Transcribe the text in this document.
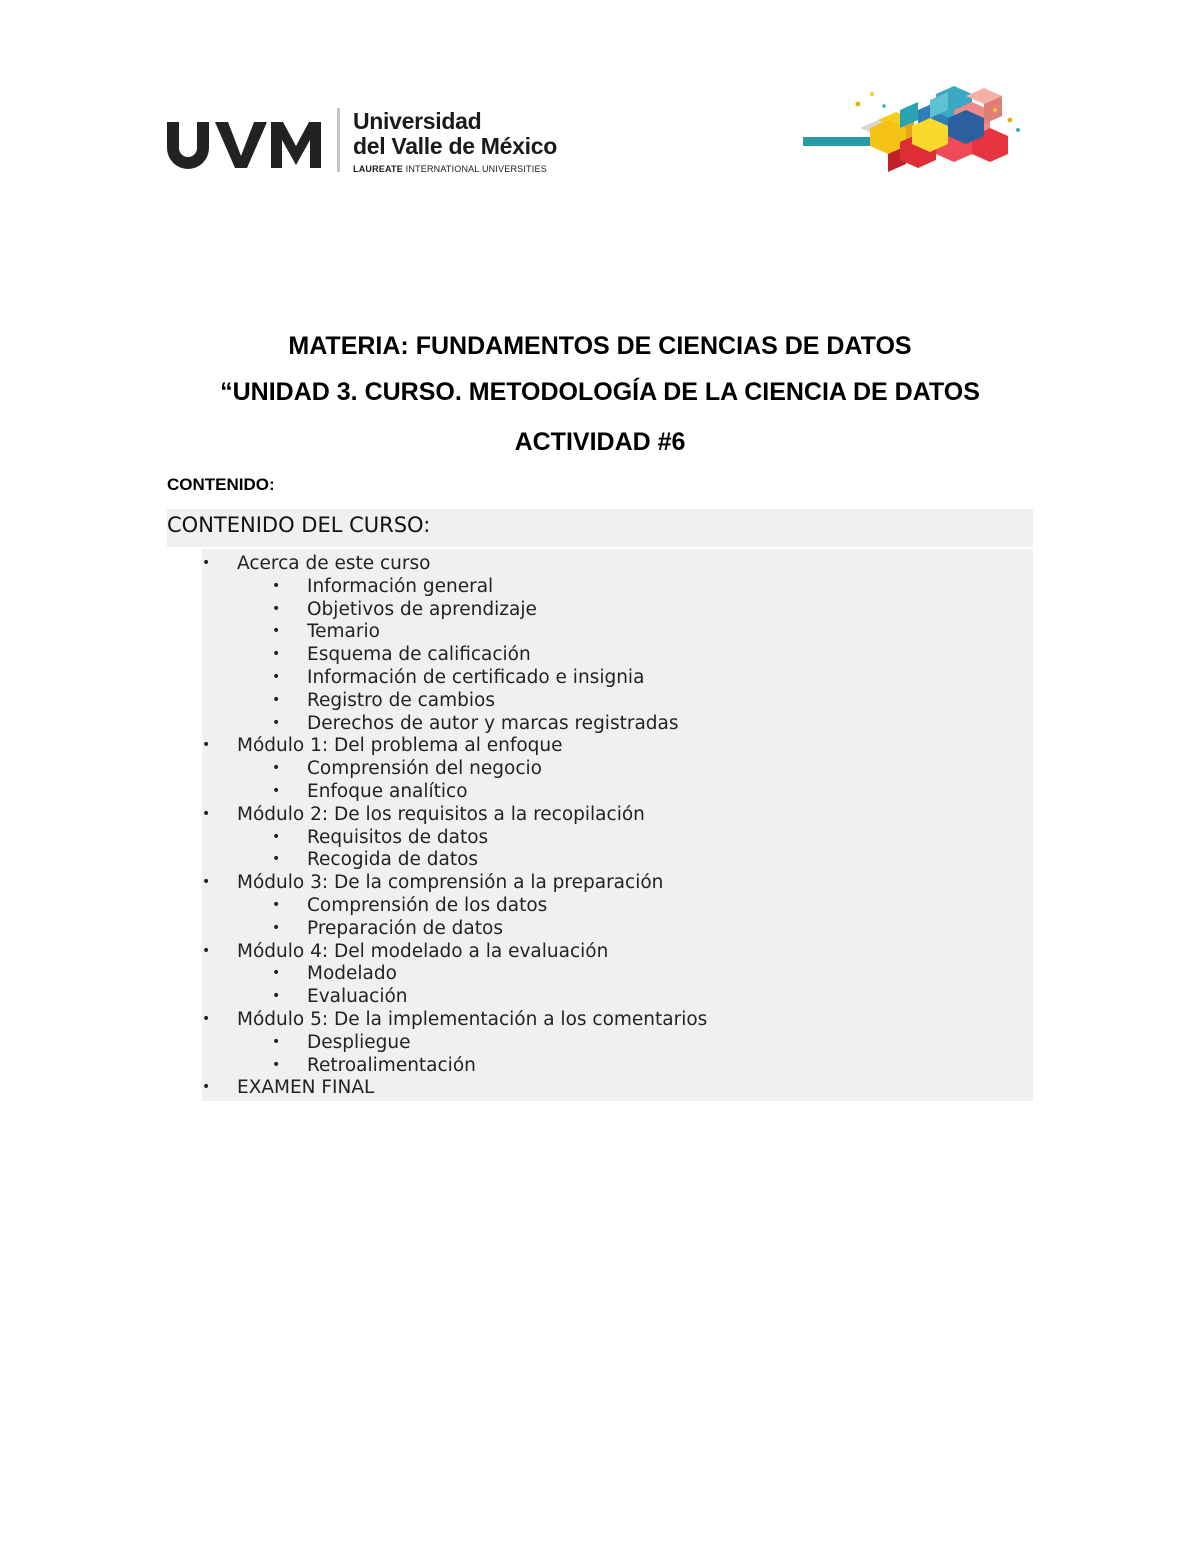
Universidad
del Valle de México
LAUREATE INTERNATIONAL UNIVERSITIES
MATERIA: FUNDAMENTOS DE CIENCIAS DE DATOS
“UNIDAD 3. CURSO. METODOLOGÍA DE LA CIENCIA DE DATOS
ACTIVIDAD #6
CONTENIDO:
CONTENIDO DEL CURSO:
• Acerca de este curso
• Información general
• Objetivos de aprendizaje
• Temario
• Esquema de calificación
• Información de certificado e insignia
• Registro de cambios
• Derechos de autor y marcas registradas
• Módulo 1: Del problema al enfoque
• Comprensión del negocio
• Enfoque analítico
• Módulo 2: De los requisitos a la recopilación
• Requisitos de datos
• Recogida de datos
• Módulo 3: De la comprensión a la preparación
• Comprensión de los datos
• Preparación de datos
• Módulo 4: Del modelado a la evaluación
• Modelado
• Evaluación
• Módulo 5: De la implementación a los comentarios
• Despliegue
• Retroalimentación
• EXAMEN FINAL
